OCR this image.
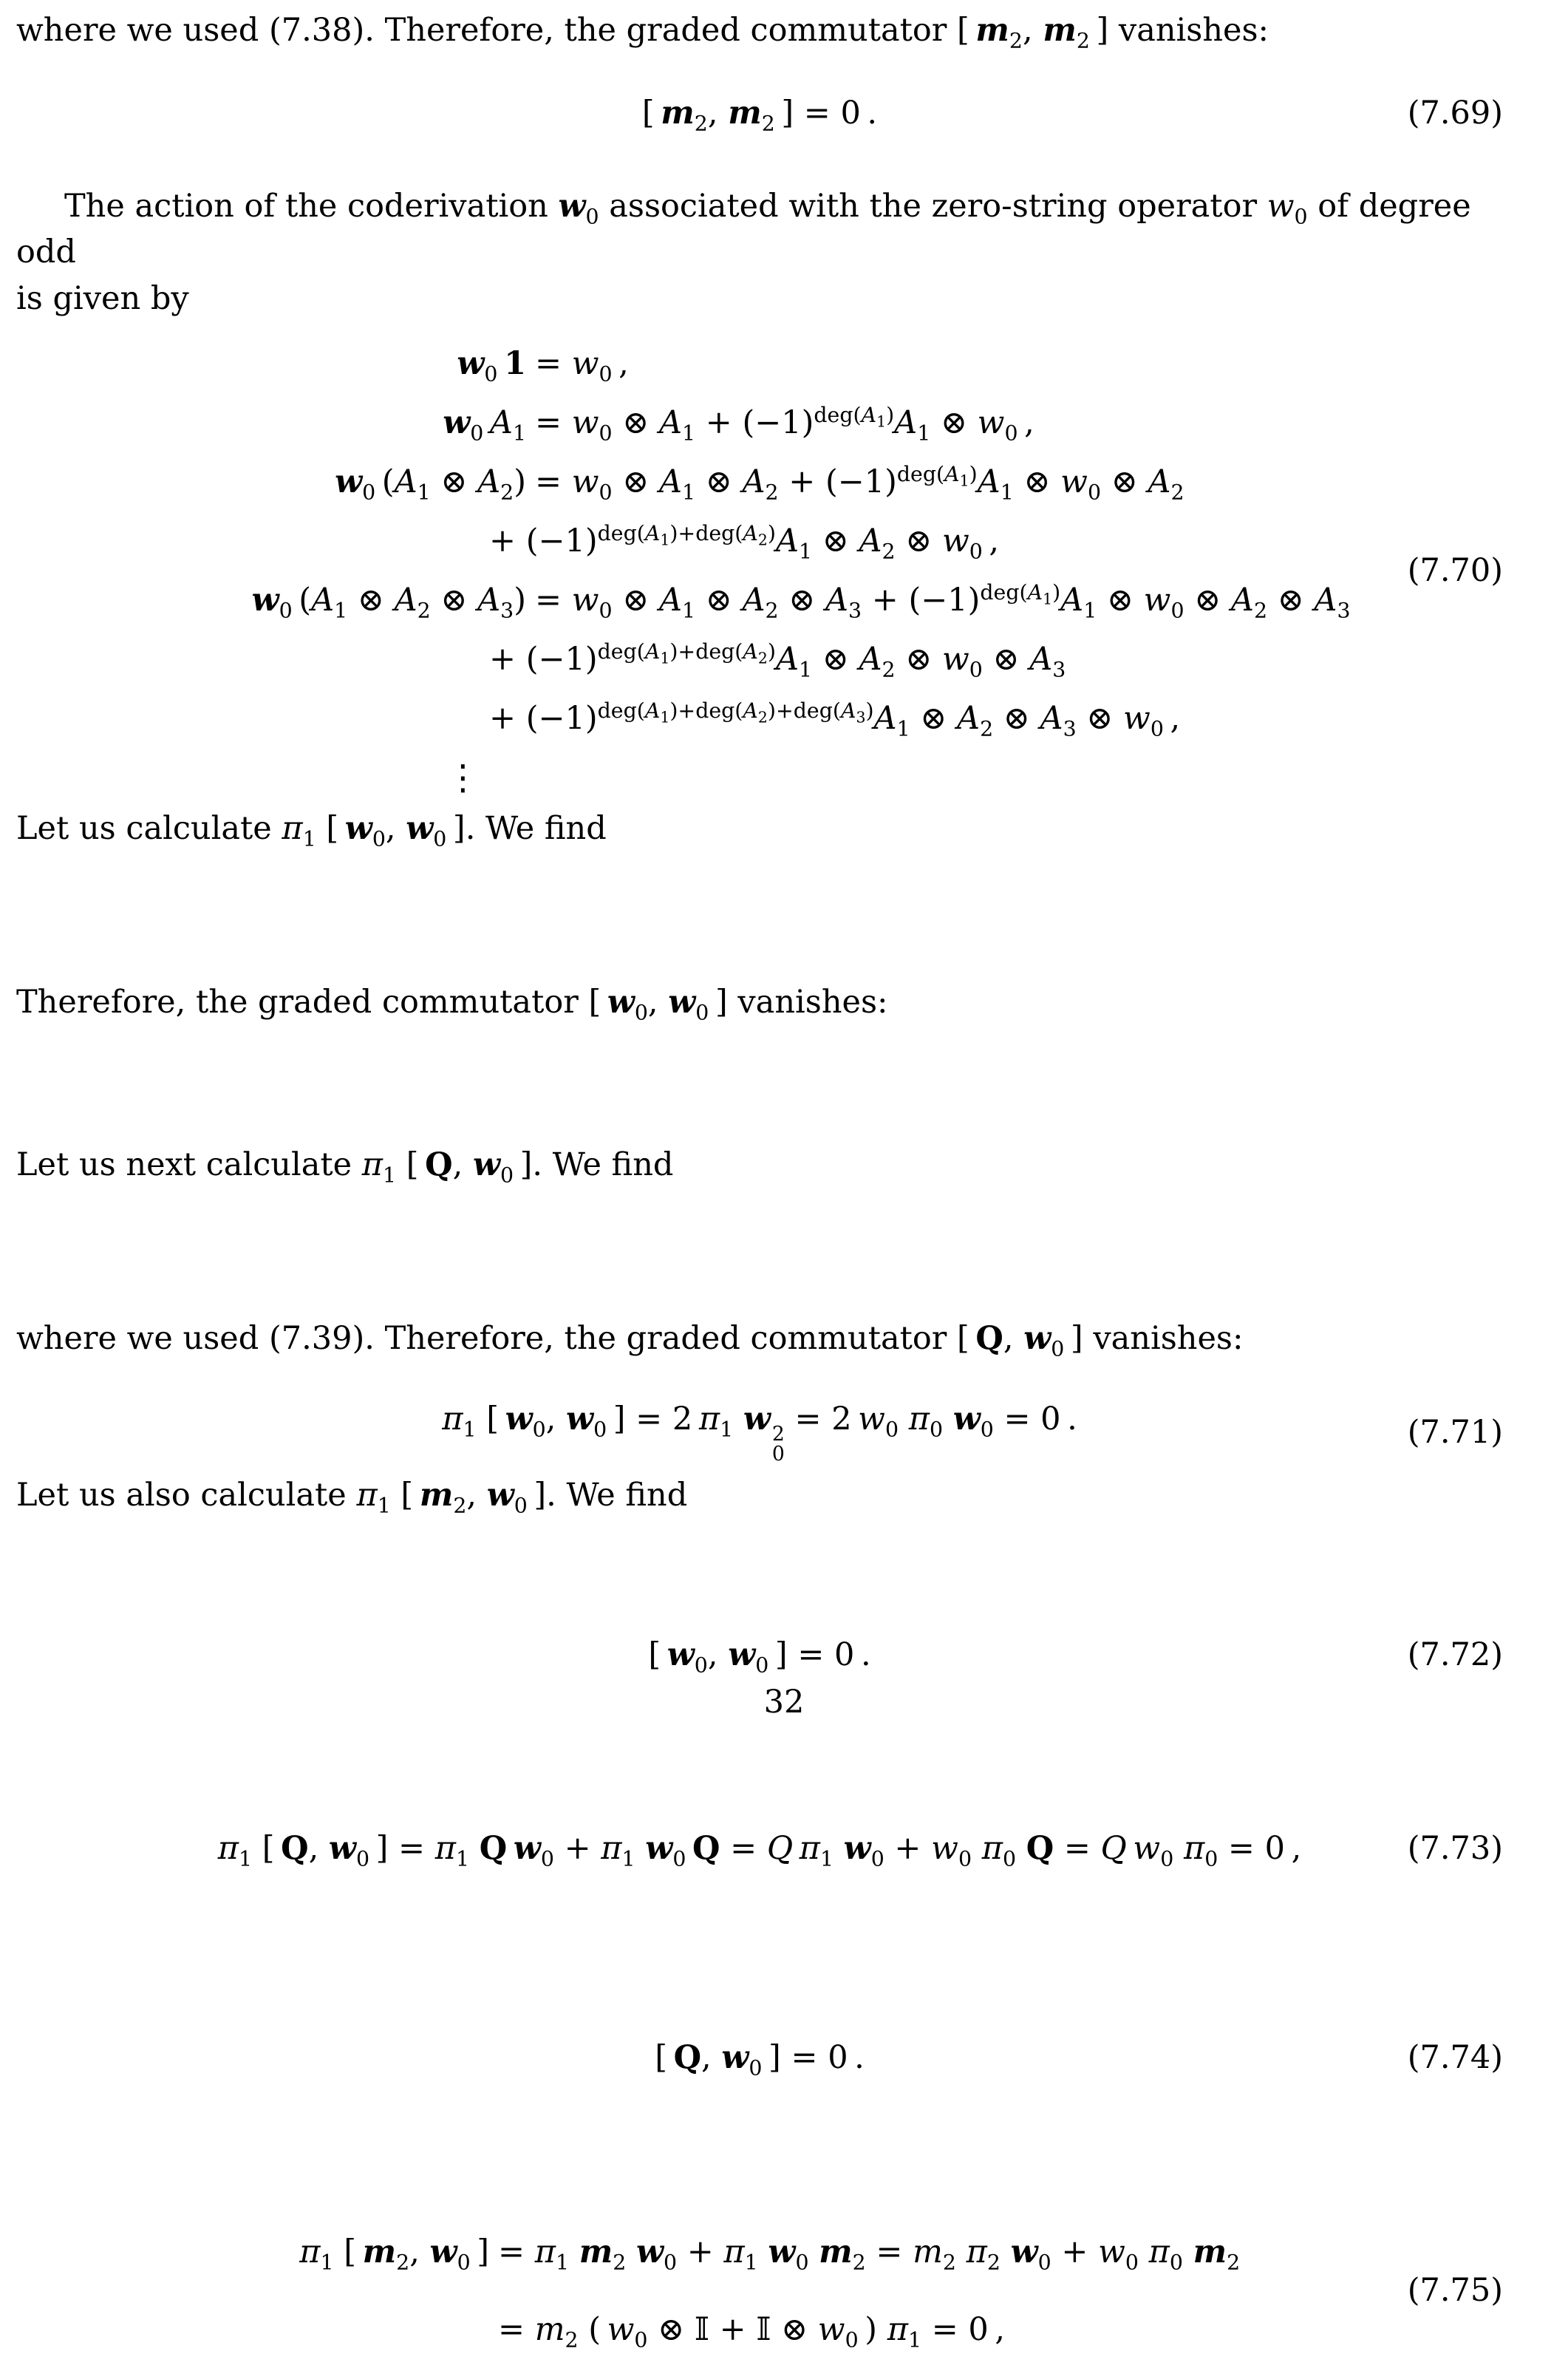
where we used (7.38). Therefore, the graded commutator [ $m_2$, $m_2$ ] vanishes:

[ $m_2$, $m_2$ ] = 0 .	(7.69)

The action of the coderivation $w_0$ associated with the zero-string operator $w_0$ of degree odd
is given by

$w_0$  $1 = w_0$ ,
$w_0$  $A_1 = w_0$ ⊗ $A_1 + (-1)^{deg(A_1)}A_1$ ⊗ $w_0$ ,
$w_0$ ($A_1$ ⊗ $A_2) = w_0$ ⊗ $A_1$ ⊗ $A_2 + (-1)^{deg(A_1)}A_1$ ⊗ $w_0$ ⊗ $A_2$
+ $(-1)^{deg(A_1)+deg(A_2)}A_1$ ⊗ $A_2$ ⊗ $w_0$ ,
$w_0$ ($A_1$ ⊗ $A_2$ ⊗ $A_3) = w_0$ ⊗ $A_1$ ⊗ $A_2$ ⊗ $A_3 + (-1)^{deg(A_1)}A_1$ ⊗ $w_0$ ⊗ $A_2$ ⊗ $A_3$
+ $(-1)^{deg(A_1)+deg(A_2)}A_1$ ⊗ $A_2$ ⊗ $w_0$ ⊗ $A_3$
+ $(-1)^{deg(A_1)+deg(A_2)+deg(A_3)}A_1$ ⊗ $A_2$ ⊗ $A_3$ ⊗ $w_0$ ,
⋮
(7.70)

Let us calculate $\pi_1$ [ $w_0$, $w_0$ ]. We find

$\pi_1$ [ $w_0$, $w_0$ ] = 2 $\pi_1$ w 2
0
= 2 $w_0$ $\pi_0$ $w_0 = 0$ .	(7.71)

Therefore, the graded commutator [ $w_0$, $w_0$ ] vanishes:

[ $w_0$, $w_0$ ] = 0 .	(7.72)

Let us next calculate $\pi_1$ [ Q, $w_0$ ]. We find

$\pi_1$ [ Q, $w_0$ ] = $\pi_1$ Q  $w_0 + \pi_1$ $w_0$  Q = Q  $\pi_1$ $w_0 + w_0$ $\pi_0$ Q = Q  $w_0$ $\pi_0 = 0$ ,	(7.73)

where we used (7.39). Therefore, the graded commutator [ Q, $w_0$ ] vanishes:

[ Q, $w_0$ ] = 0 .	(7.74)

Let us also calculate $\pi_1$ [ $m_2$, $w_0$ ]. We find

$\pi_1$ [ $m_2$, $w_0$ ] = $\pi_1$ $m_2$ $w_0 + \pi_1$ $w_0$ $m_2 = m_2$ $\pi_2$ $w_0 + w_0$ $\pi_0$ $m_2$
= $m_2$ ( $w_0$ ⊗ 𝕀 + 𝕀 ⊗ $w_0$ ) $\pi_1 = 0$ ,
(7.75)
32
